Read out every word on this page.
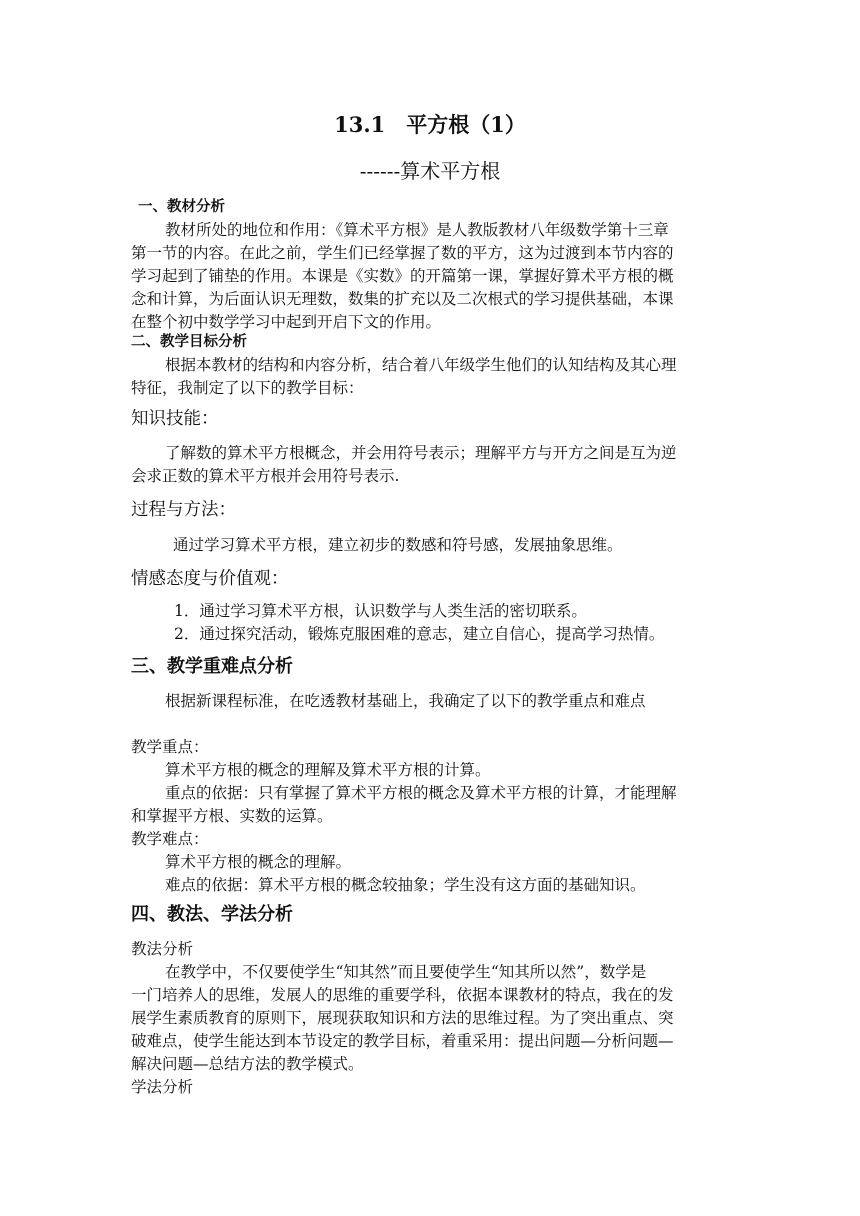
13.1　平方根（1）
------算术平方根
一、教材分析
教材所处的地位和作用：《算术平方根》是人教版教材八年级数学第十三章
第一节的内容。在此之前，学生们已经掌握了数的平方，这为过渡到本节内容的
学习起到了铺垫的作用。本课是《实数》的开篇第一课，掌握好算术平方根的概
念和计算，为后面认识无理数，数集的扩充以及二次根式的学习提供基础，本课
在整个初中数学学习中起到开启下文的作用。
二、教学目标分析
根据本教材的结构和内容分析，结合着八年级学生他们的认知结构及其心理
特征，我制定了以下的教学目标：
知识技能：
了解数的算术平方根概念，并会用符号表示；理解平方与开方之间是互为逆
会求正数的算术平方根并会用符号表示.
过程与方法：
通过学习算术平方根，建立初步的数感和符号感，发展抽象思维。
情感态度与价值观：
1．通过学习算术平方根，认识数学与人类生活的密切联系。
2．通过探究活动，锻炼克服困难的意志，建立自信心，提高学习热情。
三、教学重难点分析
根据新课程标准，在吃透教材基础上，我确定了以下的教学重点和难点
教学重点：
算术平方根的概念的理解及算术平方根的计算。
重点的依据：只有掌握了算术平方根的概念及算术平方根的计算，才能理解
和掌握平方根、实数的运算。
教学难点：
算术平方根的概念的理解。
难点的依据：算术平方根的概念较抽象；学生没有这方面的基础知识。
四、教法、学法分析
教法分析
在教学中，不仅要使学生“知其然”而且要使学生“知其所以然”，数学是
一门培养人的思维，发展人的思维的重要学科，依据本课教材的特点，我在的发
展学生素质教育的原则下，展现获取知识和方法的思维过程。为了突出重点、突
破难点，使学生能达到本节设定的教学目标，着重采用：提出问题—分析问题—
解决问题—总结方法的教学模式。
学法分析
